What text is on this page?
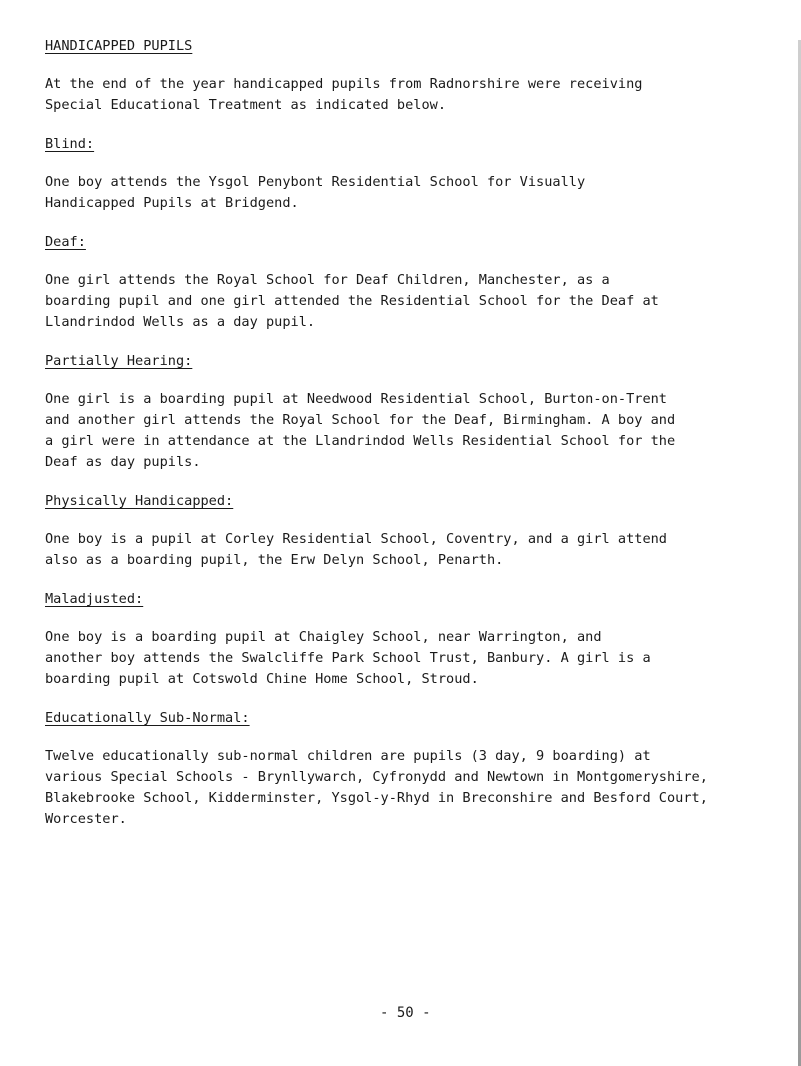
HANDICAPPED PUPILS

At the end of the year handicapped pupils from Radnorshire were receiving
Special Educational Treatment as indicated below.

Blind:

One boy attends the Ysgol Penybont Residential School for Visually
Handicapped Pupils at Bridgend.

Deaf:

One girl attends the Royal School for Deaf Children, Manchester, as a
boarding pupil and one girl attended the Residential School for the Deaf at
Llandrindod Wells as a day pupil.

Partially Hearing:

One girl is a boarding pupil at Needwood Residential School, Burton-on-Trent
and another girl attends the Royal School for the Deaf, Birmingham. A boy and
a girl were in attendance at the Llandrindod Wells Residential School for the
Deaf as day pupils.

Physically Handicapped:

One boy is a pupil at Corley Residential School, Coventry, and a girl attend
also as a boarding pupil, the Erw Delyn School, Penarth.

Maladjusted:

One boy is a boarding pupil at Chaigley School, near Warrington, and
another boy attends the Swalcliffe Park School Trust, Banbury. A girl is a
boarding pupil at Cotswold Chine Home School, Stroud.

Educationally Sub-Normal:

Twelve educationally sub-normal children are pupils (3 day, 9 boarding) at
various Special Schools - Brynllywarch, Cyfronydd and Newtown in Montgomeryshire,
Blakebrooke School, Kidderminster, Ysgol-y-Rhyd in Breconshire and Besford Court,
Worcester.

- 50 -
